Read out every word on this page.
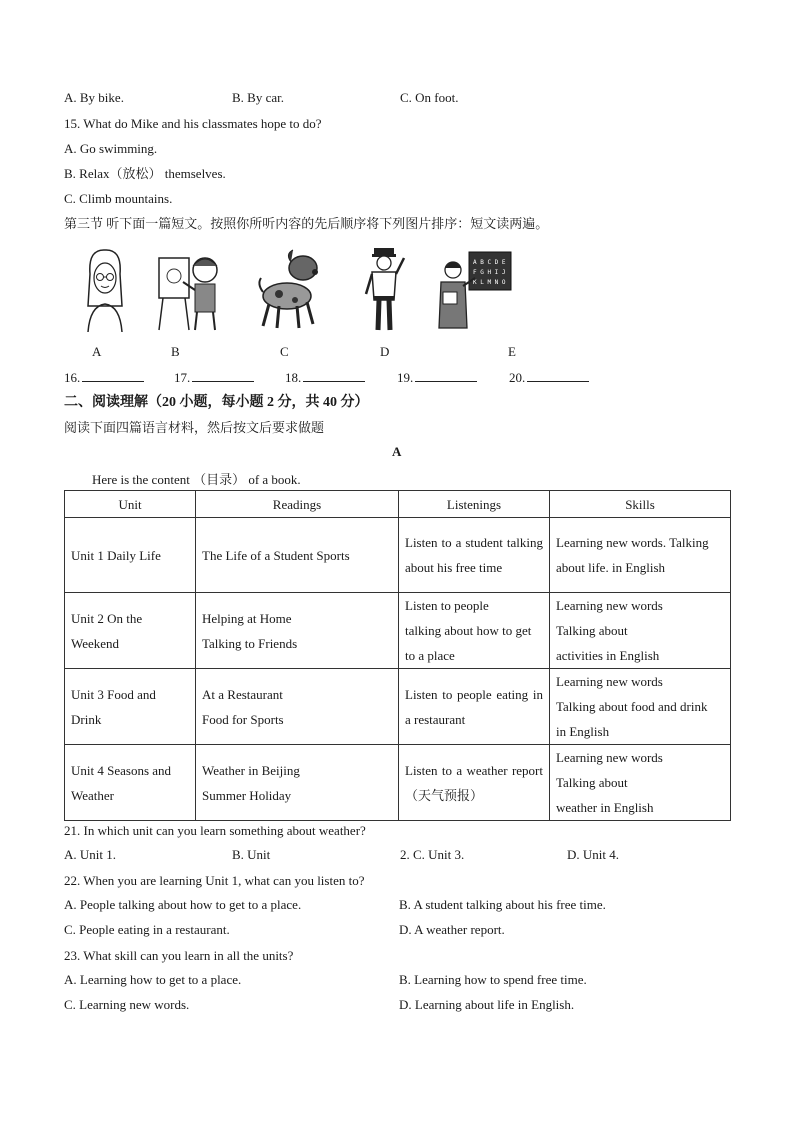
A. By bike.	B. By car.	C. On foot.
15. What do Mike and his classmates hope to do?
A. Go swimming.
B. Relax（放松） themselves.
C. Climb mountains.
第三节 听下面一篇短文。按照你所听内容的先后顺序将下列图片排序：短文读两遍。
A B C D E
F G H I J
K L M N O
A	B	C	D	E
16.	17.	18.	19.	20.
二、阅读理解（20 小题，每小题 2 分，共 40 分）
阅读下面四篇语言材料，然后按文后要求做题
A
Here is the content （目录） of a book.
Unit	Readings	Listenings	Skills
Unit 1 Daily Life	The Life of a Student Sports	Listen to a student talking about his free time	Learning new words. Talking about life. in English
Unit 2 On the
Weekend	Helping at Home
Talking to Friends	Listen to people
talking about how to get
to a place	Learning new words
Talking about
activities in English
Unit 3 Food and
Drink	At a Restaurant
Food for Sports	Listen to people eating in a restaurant	Learning new words
Talking about food and drink
in English
Unit 4 Seasons and
Weather	Weather in Beijing
Summer Holiday	Listen to a weather report（天气预报）	Learning new words
Talking about
weather in English
21. In which unit can you learn something about weather?
A. Unit 1.	B. Unit	2. C. Unit 3.	D. Unit 4.
22. When you are learning Unit 1, what can you listen to?
A. People talking about how to get to a place.	B. A student talking about his free time.
C. People eating in a restaurant.	D. A weather report.
23. What skill can you learn in all the units?
A. Learning how to get to a place.	B. Learning how to spend free time.
C. Learning new words.	D. Learning about life in English.
